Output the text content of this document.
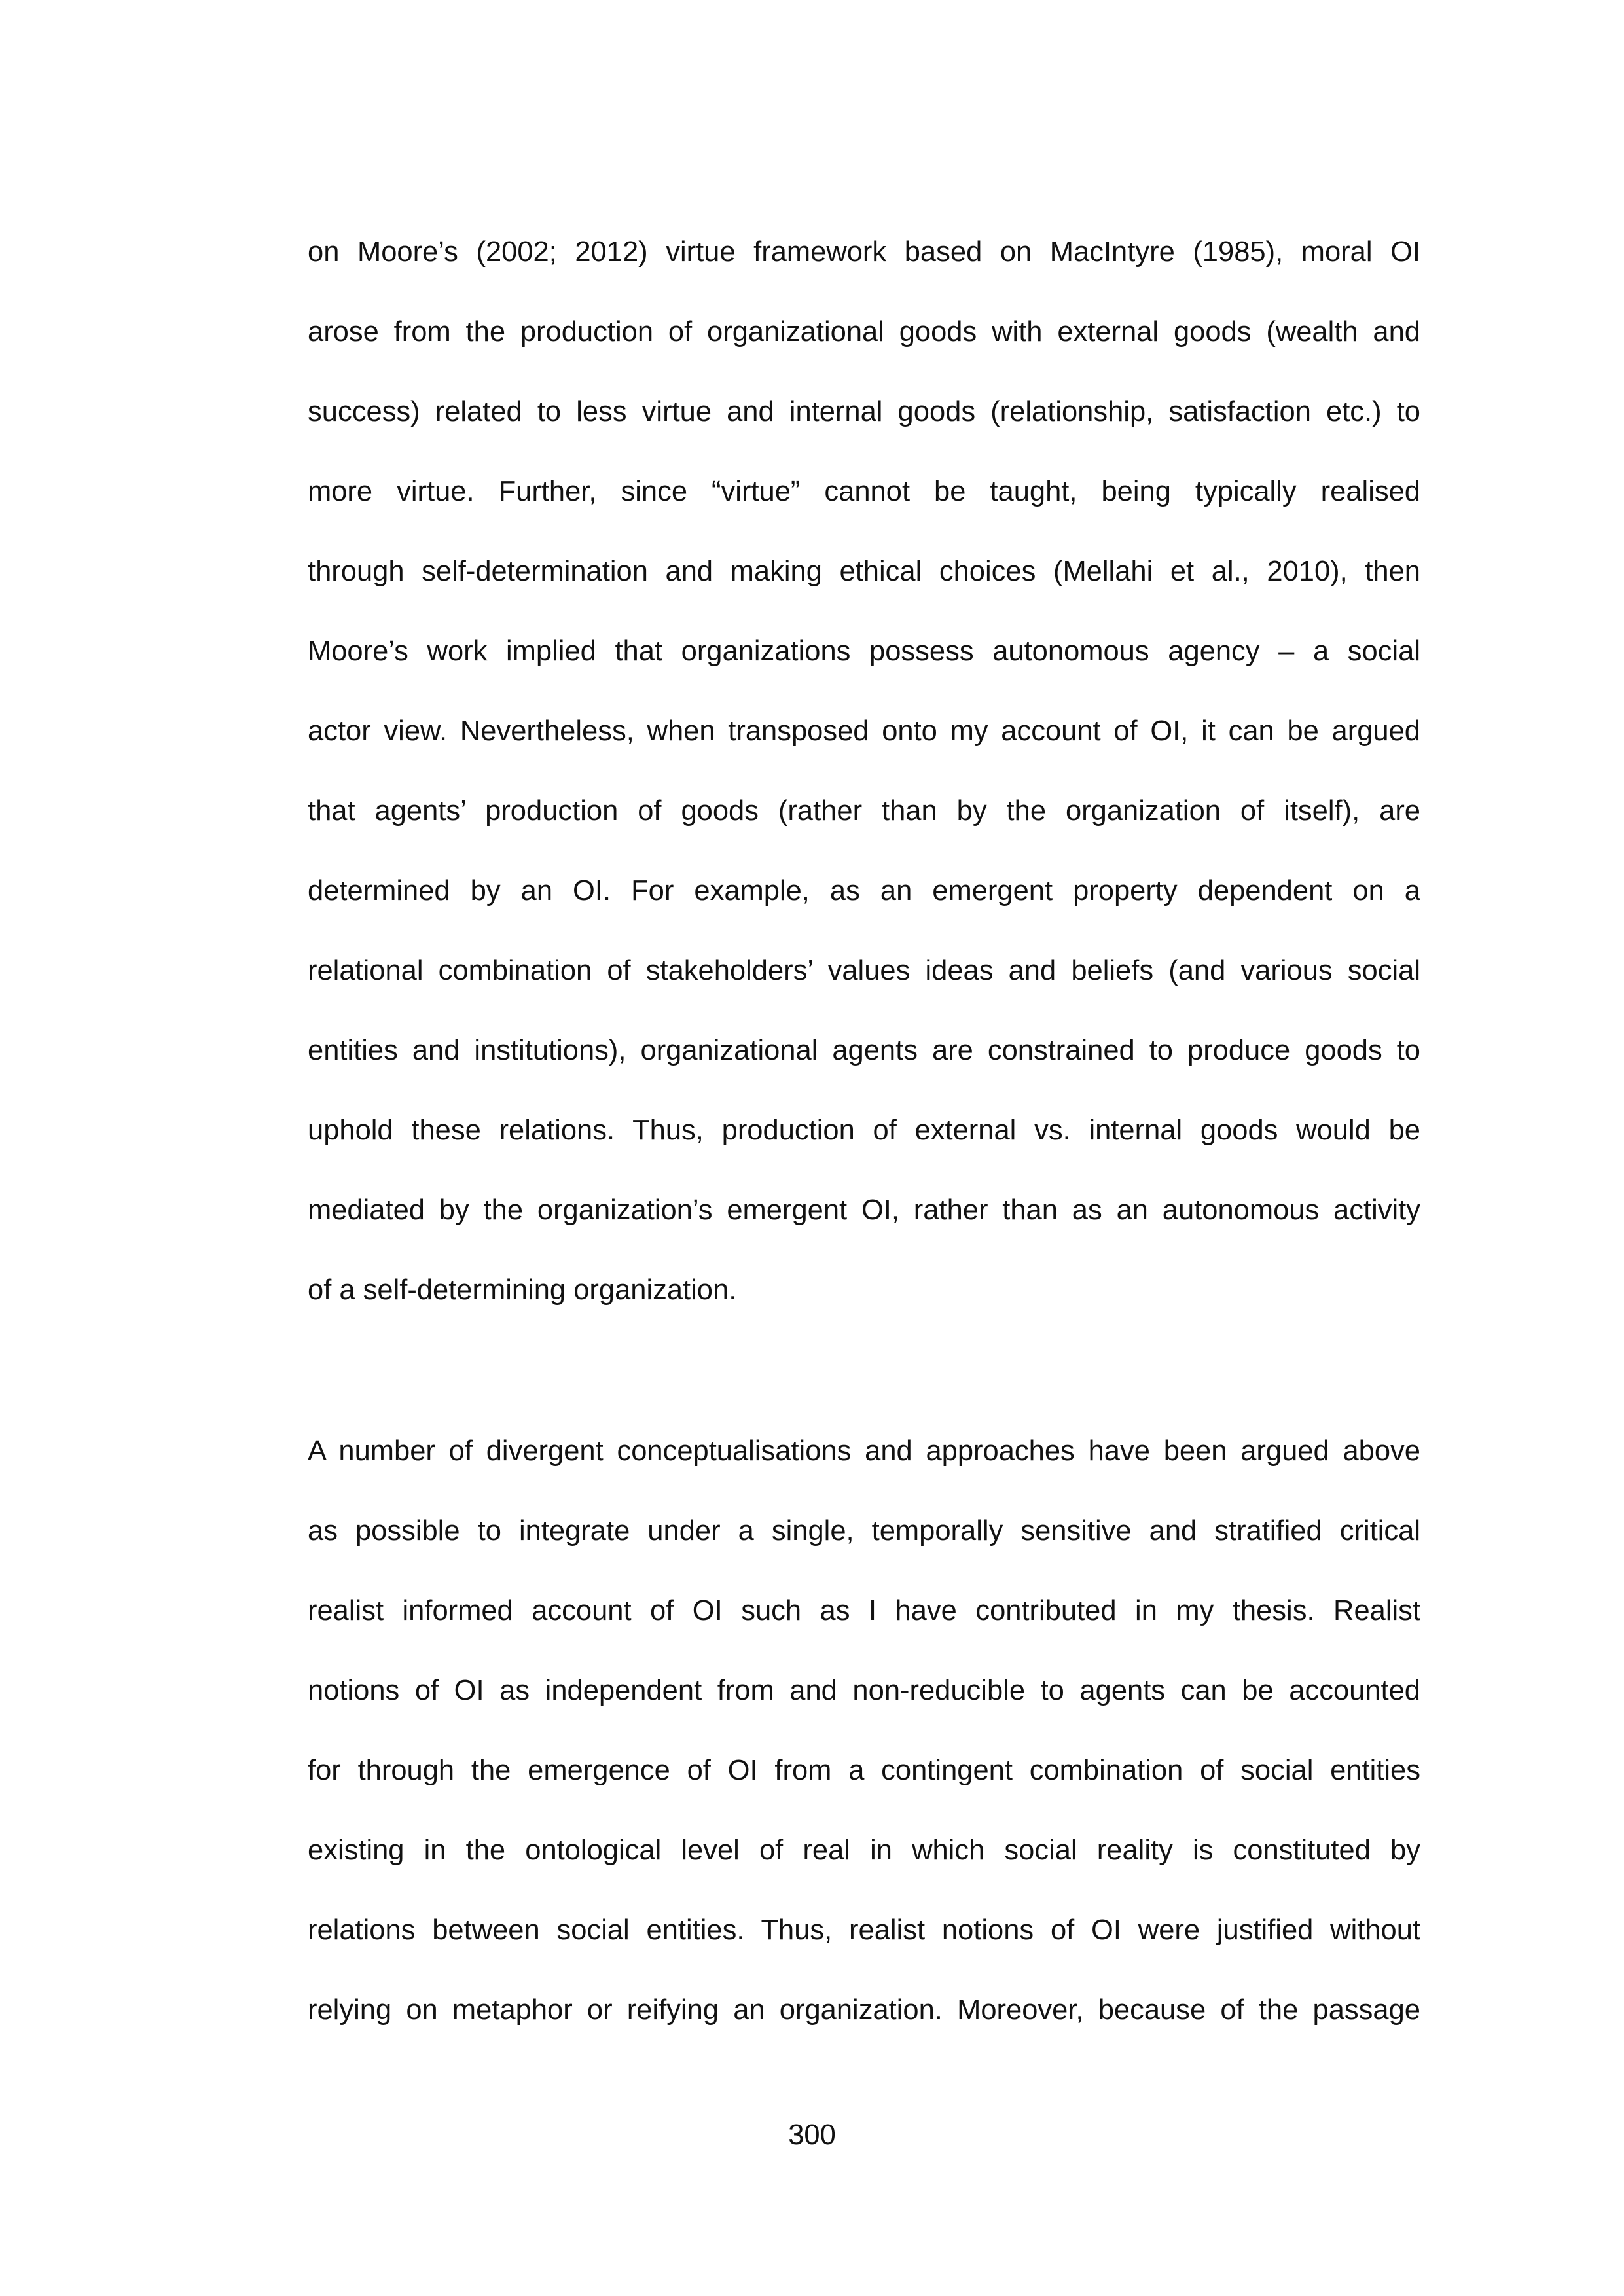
on Moore’s (2002; 2012) virtue framework based on MacIntyre (1985), moral OI
arose from the production of organizational goods with external goods (wealth and
success) related to less virtue and internal goods (relationship, satisfaction etc.) to
more virtue. Further, since “virtue” cannot be taught, being typically realised
through self-determination and making ethical choices (Mellahi et al., 2010), then
Moore’s work implied that organizations possess autonomous agency – a social
actor view. Nevertheless, when transposed onto my account of OI, it can be argued
that agents’ production of goods (rather than by the organization of itself), are
determined by an OI. For example, as an emergent property dependent on a
relational combination of stakeholders’ values ideas and beliefs (and various social
entities and institutions), organizational agents are constrained to produce goods to
uphold these relations. Thus, production of external vs. internal goods would be
mediated by the organization’s emergent OI, rather than as an autonomous activity
of a self-determining organization.
A number of divergent conceptualisations and approaches have been argued above
as possible to integrate under a single, temporally sensitive and stratified critical
realist informed account of OI such as I have contributed in my thesis. Realist
notions of OI as independent from and non-reducible to agents can be accounted
for through the emergence of OI from a contingent combination of social entities
existing in the ontological level of real in which social reality is constituted by
relations between social entities. Thus, realist notions of OI were justified without
relying on metaphor or reifying an organization. Moreover, because of the passage
300
